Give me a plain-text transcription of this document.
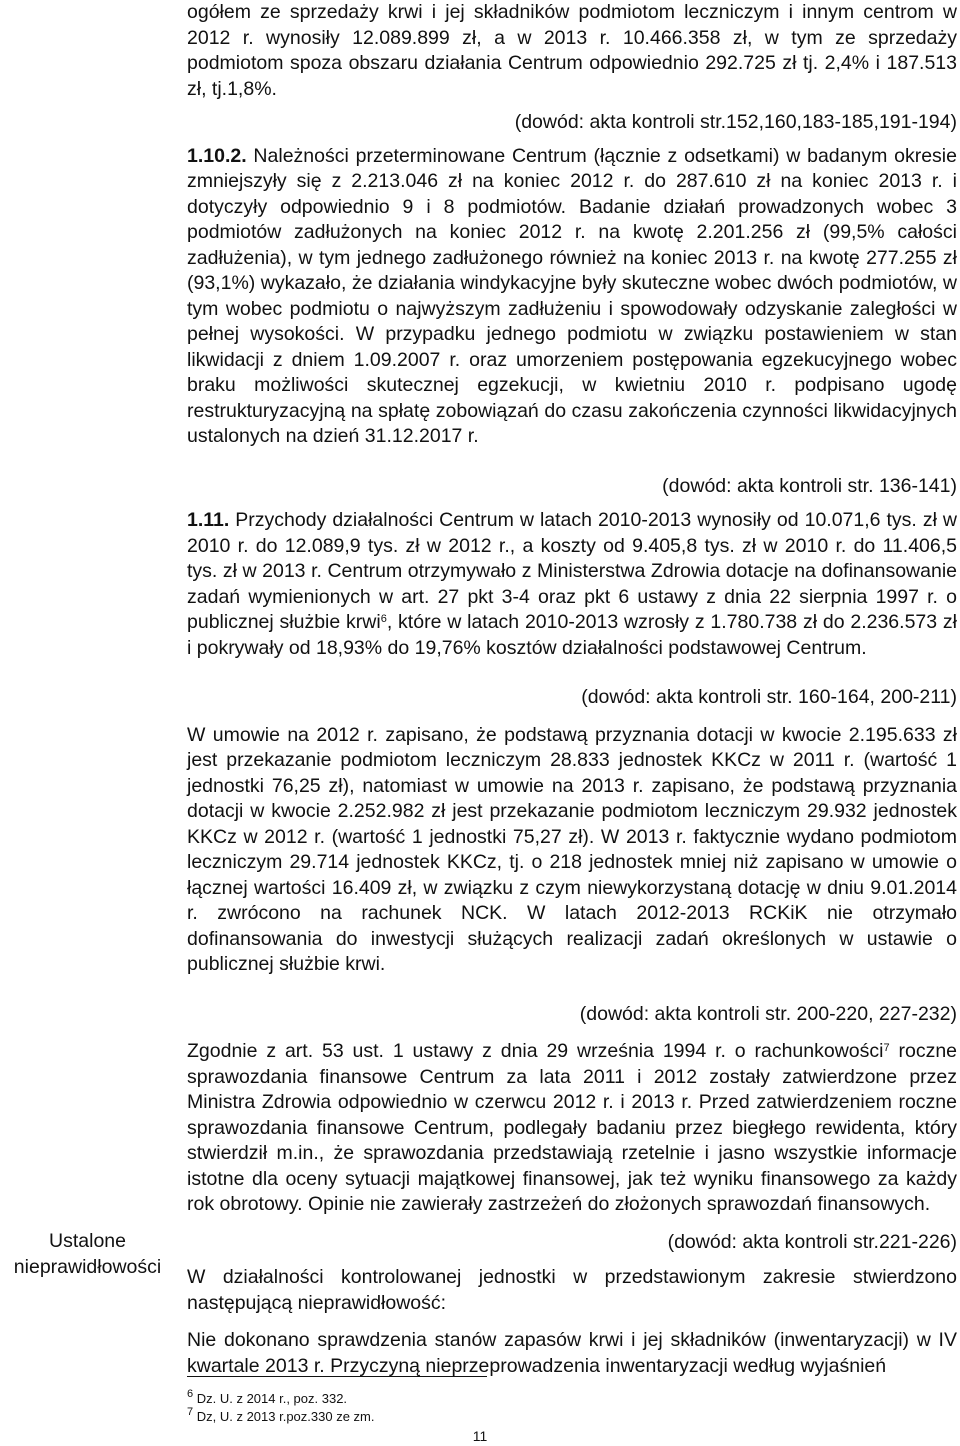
Ustalone
nieprawidłowości

ogółem ze sprzedaży krwi i jej składników podmiotom leczniczym i innym centrom w 2012 r. wynosiły 12.089.899 zł, a w 2013 r. 10.466.358 zł, w tym ze sprzedaży podmiotom spoza obszaru działania Centrum odpowiednio 292.725 zł tj. 2,4% i 187.513 zł, tj.1,8%.

(dowód: akta kontroli str.152,160,183-185,191-194)

1.10.2. Należności przeterminowane Centrum (łącznie z odsetkami) w badanym okresie zmniejszyły się z 2.213.046 zł na koniec 2012 r. do 287.610 zł na koniec 2013 r. i dotyczyły odpowiednio 9 i 8 podmiotów. Badanie działań prowadzonych wobec 3 podmiotów zadłużonych na koniec 2012 r. na kwotę 2.201.256 zł (99,5% całości zadłużenia), w tym jednego zadłużonego również na koniec 2013 r. na kwotę 277.255 zł (93,1%) wykazało, że działania windykacyjne były skuteczne wobec dwóch podmiotów, w tym wobec podmiotu o najwyższym zadłużeniu i spowodowały odzyskanie zaległości w pełnej wysokości. W przypadku jednego podmiotu w związku postawieniem w stan likwidacji z dniem 1.09.2007 r. oraz umorzeniem postępowania egzekucyjnego wobec braku możliwości skutecznej egzekucji, w kwietniu 2010 r. podpisano ugodę restrukturyzacyjną na spłatę zobowiązań do czasu zakończenia czynności likwidacyjnych ustalonych na dzień 31.12.2017 r.

(dowód: akta kontroli str. 136-141)

1.11. Przychody działalności Centrum w latach 2010-2013 wynosiły od 10.071,6 tys. zł w 2010 r. do 12.089,9 tys. zł w 2012 r., a koszty od 9.405,8 tys. zł w 2010 r. do 11.406,5 tys. zł w 2013 r. Centrum otrzymywało z Ministerstwa Zdrowia dotacje na dofinansowanie zadań wymienionych w art. 27 pkt 3-4 oraz pkt 6 ustawy z dnia 22 sierpnia 1997 r. o publicznej służbie krwi$^6$, które w latach 2010-2013 wzrosły z 1.780.738 zł do 2.236.573 zł i pokrywały od 18,93% do 19,76% kosztów działalności podstawowej Centrum.

(dowód: akta kontroli str. 160-164, 200-211)

W umowie na 2012 r. zapisano, że podstawą przyznania dotacji w kwocie 2.195.633 zł jest przekazanie podmiotom leczniczym 28.833 jednostek KKCz w 2011 r. (wartość 1 jednostki 76,25 zł), natomiast w umowie na 2013 r. zapisano, że podstawą przyznania dotacji w kwocie 2.252.982 zł jest przekazanie podmiotom leczniczym 29.932 jednostek KKCz w 2012 r. (wartość 1 jednostki 75,27 zł). W 2013 r. faktycznie wydano podmiotom leczniczym 29.714 jednostek KKCz, tj. o 218 jednostek mniej niż zapisano w umowie o łącznej wartości 16.409 zł, w związku z czym niewykorzystaną dotację w dniu 9.01.2014 r. zwrócono na rachunek NCK. W latach 2012-2013 RCKiK nie otrzymało dofinansowania do inwestycji służących realizacji zadań określonych w ustawie o publicznej służbie krwi.

(dowód: akta kontroli str. 200-220, 227-232)

Zgodnie z art. 53 ust. 1 ustawy z dnia 29 września 1994 r. o rachunkowości$^7$ roczne sprawozdania finansowe Centrum za lata 2011 i 2012 zostały zatwierdzone przez Ministra Zdrowia odpowiednio w czerwcu 2012 r. i 2013 r. Przed zatwierdzeniem roczne sprawozdania finansowe Centrum, podlegały badaniu przez biegłego rewidenta, który stwierdził m.in., że sprawozdania przedstawiają rzetelnie i jasno wszystkie informacje istotne dla oceny sytuacji majątkowej finansowej, jak też wyniku finansowego za każdy rok obrotowy. Opinie nie zawierały zastrzeżeń do złożonych sprawozdań finansowych.

(dowód: akta kontroli str.221-226)

W działalności kontrolowanej jednostki w przedstawionym zakresie stwierdzono następującą nieprawidłowość:

Nie dokonano sprawdzenia stanów zapasów krwi i jej składników (inwentaryzacji) w IV kwartale 2013 r. Przyczyną nieprzeprowadzenia inwentaryzacji według wyjaśnień

$^6$ Dz. U. z 2014 r., poz. 332.
$^7$ Dz, U. z 2013 r.poz.330 ze zm.
11
